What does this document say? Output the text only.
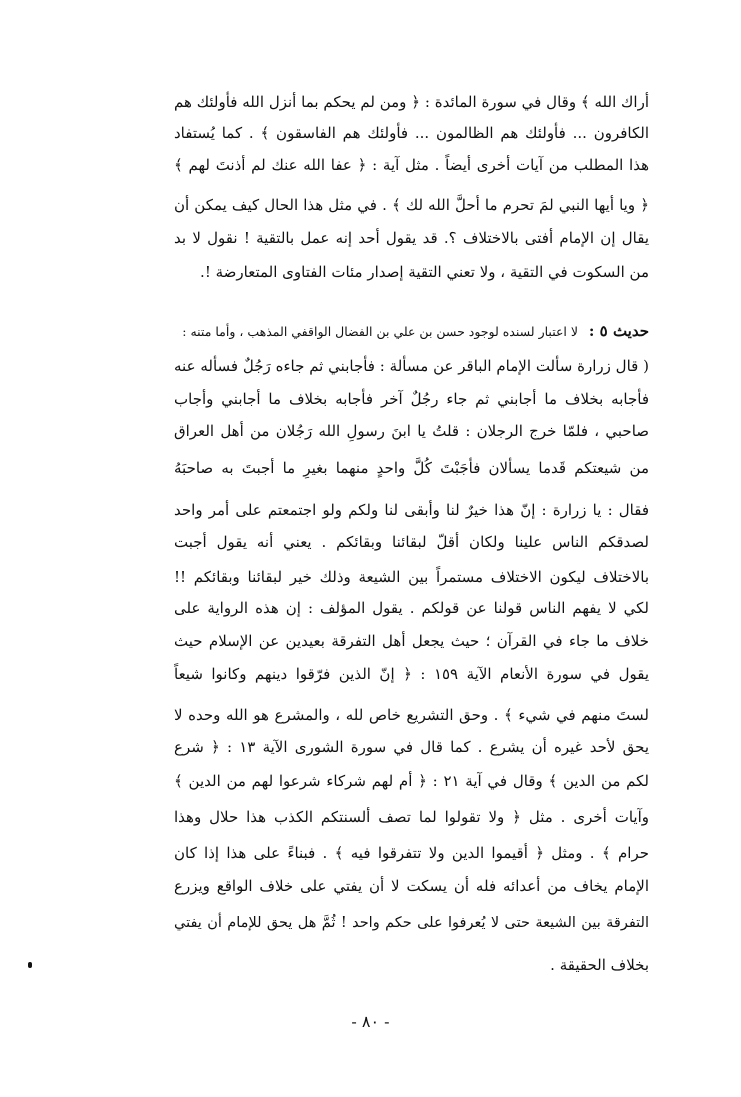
أراك الله ﴾ وقال في سورة المائدة : ﴿ ومن لم يحكم بما أنزل الله فأولئك هم
الكافرون ... فأولئك هم الظالمون ... فأولئك هم الفاسقون ﴾ . كما يُستفاد
هذا المطلب من آيات أخرى أيضاً . مثل آية : ﴿ عفا الله عنك لم أذنتَ لهم ﴾
﴿ ويا أيها النبي لمَ تحرم ما أحلَّ الله لك ﴾ . في مثل هذا الحال كيف يمكن أن
يقال إن الإمام أفتى بالاختلاف ؟. قد يقول أحد إنه عمل بالتقية ! نقول لا بد
من السكوت في التقية ، ولا تعني التقية إصدار مئات الفتاوى المتعارضة !.
حديث ٥ :
لا اعتبار لسنده لوجود حسن بن علي بن الفضال الواقفي المذهب ، وأما متنه :
( قال زرارة سألت الإمام الباقر عن مسألة : فأجابني ثم جاءه رَجُلٌ فسأله عنه
فأجابه بخلاف ما أجابني ثم جاء رجُلٌ آخر فأجابه بخلاف ما أجابني وأجاب
صاحبي ، فلمّا خرج الرجلان : قلتُ يا ابنَ رسولِ الله رَجُلان من أهل العراق
من شيعتكم قَدما يسألان فأجَبْتَ كُلَّ واحدٍ منهما بغيرِ ما أجبتَ به صاحبَهُ
فقال : يا زرارة : إنّ هذا خيرٌ لنا وأبقى لنا ولكم ولو اجتمعتم على أمر واحد
لصدقكم الناس علينا ولكان أقلّ لبقائنا وبقائكم . يعني أنه يقول أجبت
بالاختلاف ليكون الاختلاف مستمراً بين الشيعة وذلك خير لبقائنا وبقائكم !!
لكي لا يفهم الناس قولنا عن قولكم . يقول المؤلف : إن هذه الرواية على
خلاف ما جاء في القرآن ؛ حيث يجعل أهل التفرقة بعيدين عن الإسلام حيث
يقول في سورة الأنعام الآية ١٥٩ : ﴿ إنّ الذين فرّقوا دينهم وكانوا شيعاً
لستَ منهم في شيء ﴾ . وحق التشريع خاص لله ، والمشرع هو الله وحده لا
يحق لأحد غيره أن يشرع . كما قال في سورة الشورى الآية ١٣ : ﴿ شرع
لكم من الدين ﴾ وقال في آية ٢١ : ﴿ أم لهم شركاء شرعوا لهم من الدين ﴾
وآيات أخرى . مثل ﴿ ولا تقولوا لما تصف ألسنتكم الكذب هذا حلال وهذا
حرام ﴾ . ومثل ﴿ أقيموا الدين ولا تتفرقوا فيه ﴾ . فبناءً على هذا إذا كان
الإمام يخاف من أعدائه فله أن يسكت لا أن يفتي على خلاف الواقع ويزرع
التفرقة بين الشيعة حتى لا يُعرفوا على حكم واحد ! ثُمَّ هل يحق للإمام أن يفتي
بخلاف الحقيقة .
- ٨٠ -
